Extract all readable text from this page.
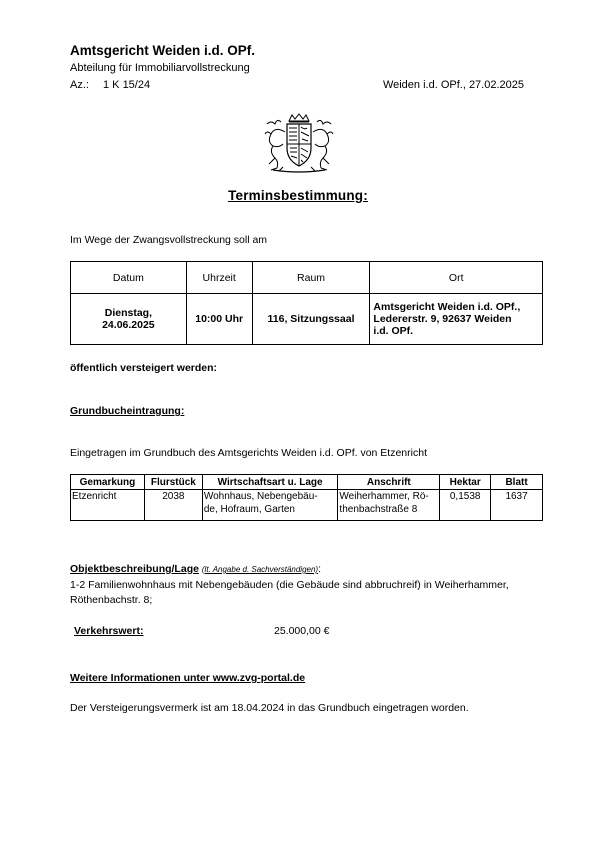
Amtsgericht Weiden i.d. OPf.
Abteilung für Immobiliarvollstreckung
Az.: 1 K 15/24	Weiden i.d. OPf., 27.02.2025
Terminsbestimmung:
Im Wege der Zwangsvollstreckung soll am
Datum	Uhrzeit	Raum	Ort
Dienstag,
24.06.2025	10:00 Uhr	116, Sitzungssaal	Amtsgericht Weiden i.d. OPf.,
Ledererstr. 9, 92637 Weiden
i.d. OPf.
öffentlich versteigert werden:
Grundbucheintragung:
Eingetragen im Grundbuch des Amtsgerichts Weiden i.d. OPf. von Etzenricht
Gemarkung	Flurstück	Wirtschaftsart u. Lage	Anschrift	Hektar	Blatt
Etzenricht	2038	Wohnhaus, Nebengebäu-
de, Hofraum, Garten	Weiherhammer, Rö-
thenbachstraße 8	0,1538	1637
Objektbeschreibung/Lage (lt. Angabe d. Sachverständigen):
1-2 Familienwohnhaus mit Nebengebäuden (die Gebäude sind abbruchreif) in Weiherhammer, Röthenbachstr. 8;
Verkehrswert:	25.000,00 €
Weitere Informationen unter www.zvg-portal.de
Der Versteigerungsvermerk ist am 18.04.2024 in das Grundbuch eingetragen worden.
